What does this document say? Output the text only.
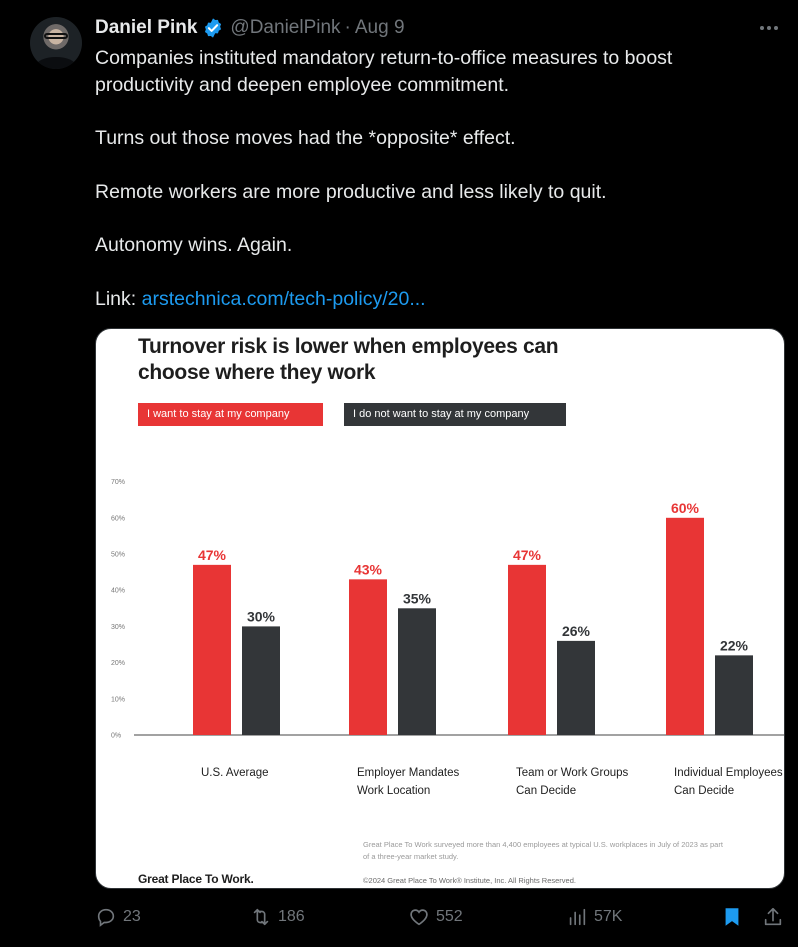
Daniel Pink @DanielPink · Aug 9

Companies instituted mandatory return-to-office measures to boost productivity and deepen employee commitment.

Turns out those moves had the *opposite* effect.

Remote workers are more productive and less likely to quit.

Autonomy wins. Again.

Link: arstechnica.com/tech-policy/20...

Turnover risk is lower when employees can choose where they work
I want to stay at my company	I do not want to stay at my company
0%
10%
20%
30%
40%
50%
60%
70%
47%
30%
U.S. Average
43%
35%
Employer Mandates
Work Location
47%
26%
Team or Work Groups
Can Decide
60%
22%
Individual Employees
Can Decide
Great Place To Work surveyed more than 4,400 employees at typical U.S. workplaces in July of 2023 as part of a three-year market study.
Great Place To Work.	©2024 Great Place To Work® Institute, Inc. All Rights Reserved.
23	186	552	57K
